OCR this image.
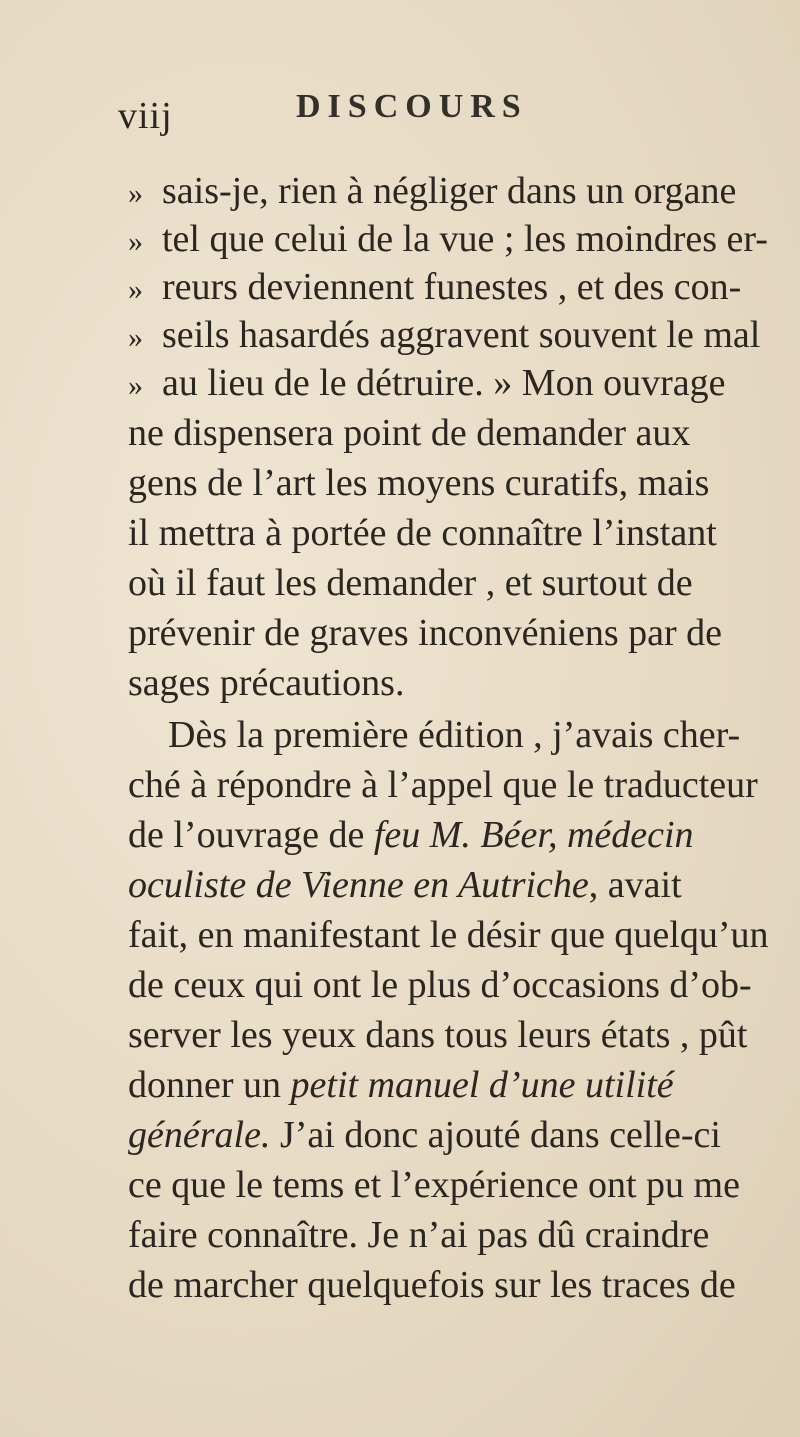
viij	DISCOURS
» sais-je, rien à négliger dans un organe
» tel que celui de la vue ; les moindres er-
» reurs deviennent funestes , et des con-
» seils hasardés aggravent souvent le mal
» au lieu de le détruire. » Mon ouvrage
ne dispensera point de demander aux
gens de l’art les moyens curatifs, mais
il mettra à portée de connaître l’instant
où il faut les demander , et surtout de
prévenir de graves inconvéniens par de
sages précautions.
Dès la première édition , j’avais cher-
ché à répondre à l’appel que le traducteur
de l’ouvrage de feu M. Béer, médecin
oculiste de Vienne en Autriche, avait
fait, en manifestant le désir que quelqu’un
de ceux qui ont le plus d’occasions d’ob-
server les yeux dans tous leurs états , pût
donner un petit manuel d’une utilité
générale. J’ai donc ajouté dans celle-ci
ce que le tems et l’expérience ont pu me
faire connaître. Je n’ai pas dû craindre
de marcher quelquefois sur les traces de
